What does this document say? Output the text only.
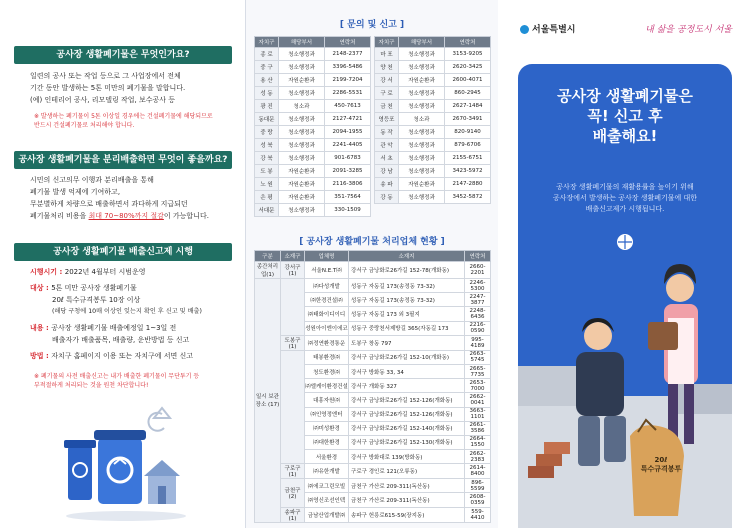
공사장 생활폐기물은 무엇인가요?
일련의 공사 또는 작업 등으로 그 사업장에서 전체
기간 동안 발생하는 5톤 미만의 폐기물을 말합니다.
(예) 인테리어 공사, 리모델링 작업, 보수공사 등
※ 발생하는 폐기물이 5톤 이상일 경우에는 건설폐기물에 해당되므로
반드시 건설폐기물로 처리해야 합니다.
공사장 생활폐기물을 분리배출하면 무엇이 좋을까요?
시민의 신고의무 이행과 분리배출을 통해
폐기물 발생 억제에 기여하고,
무분별하게 차량으로 배출하면서 과다하게 지급되던
폐기물처리 비용을 최대 70~80%까지 절감이 가능합니다.
공사장 생활폐기물 배출신고제 시행
시행시기 : 2022년 4월부터 시범운영
대상 : 5톤 미만 공사장 생활폐기물
20ℓ 특수규격봉투 10장 이상
(해당 구청에 10매 이상인 잊는지 확인 후 신고 및 배출)
내용 : 공사장 생활폐기물 배출예정일 1~3일 전
배출자가 배출품목, 배출량, 운반방법 등 신고
방법 : 자치구 홈페이지 이용 또는 자치구에 서면 신고
※ 폐기물의 사전 배출신고는 내가 배출한 폐기물이 무단투기 등
부적절하게 처리되는 것을 원천 차단합니다!
[ 문의 및 신고 ]
자치구	해당부서	연락처
종 로	청소행정과	2148-2377
중 구	청소행정과	3396-5486
용 산	자원순환과	2199-7204
성 동	청소행정과	2286-5531
광 진	청소과	450-7613
동대문	청소행정과	2127-4721
중 랑	청소행정과	2094-1955
성 북	청소행정과	2241-4405
강 북	청소행정과	901-6783
도 봉	자원순환과	2091-3285
노 원	자원순환과	2116-3806
은 평	자원순환과	351-7564
서대문	청소행정과	330-1509
자치구	해당부서	연락처
마 포	청소행정과	3153-9205
양 천	청소행정과	2620-3425
강 서	자원순환과	2600-4071
구 로	청소행정과	860-2945
금 천	청소행정과	2627-1484
영등포	청소과	2670-3491
동 작	청소행정과	820-9140
관 악	청소행정과	879-6706
서 초	청소행정과	2155-6751
강 남	청소행정과	3423-5972
송 파	자원순환과	2147-2880
강 동	청소행정과	3452-5872
[ 공사장 생활폐기물 처리업체 현황 ]
구분	소재구	업체명	소재지	연락처
종간처리업(1)	강서구(1)	서울N.E.T㈜	강서구 금낭화로26가길 152-78(개화동)	2660-2201
일시 보관 장소 (17)		㈜다성개발	성동구 자동길 173(송정동 73-32)	2246-5300
		㈜한경건설㈜	성동구 자동길 173(송정동 73-32)	2247-3877
		㈜태화이디이디	성동구 자동길 173 외 3필지	2248-6436
		성원아이엔이에코	성동구 중랑천서제방길 365(자동길 173	2216-0590
	도봉구(1)	㈜정연환경통운	도봉구 창동 797	995-4189
		태봉환경㈜	강서구 금낭화로26가길 152-10(개화동)	2663-5745
		청도환경㈜	강서구 방화동 33, 34	2665-7735
		㈜엘케이환경건설	강서구 개화동 327	2653-7000
		대흥자원㈜	강서구 금낭화로26가길 152-126(개화동)	2662-0041
		㈜인영정엔터	강서구 금낭화로26가길 152-126(개화동)	3663-1101
		㈜미성환경	강서구 금낭화로26가길 152-140(개화동)	2661-3586
		㈜대한환경	강서구 금낭화로26가길 152-130(개화동)	2664-1550
		서울환경	강서구 방화대로 139(방화동)	2662-2383
	구로구(1)	㈜유한개발	구로구 경인로 121(오류동)	2614-8400
	금천구(2)	㈜에코그린모빌	금천구 가산로 209-311(독산동)	896-5599
		㈜영신조선인텍	금천구 가산로 209-311(독산동)	2608-0359
	송파구(1)	금남산업개발㈜	송파구 헌릉로615-59(장지동)	559-4410
서울특별시	내 삶을 공정도시 서울
공사장 생활폐기물은
꼭! 신고 후
배출해요!
공사장 생활폐기물의 재활용률을 높이기 위해
공사장에서 발생하는 공사장 생활폐기물에 대한
배출신고제가 시행됩니다.
20ℓ
특수규격봉투
